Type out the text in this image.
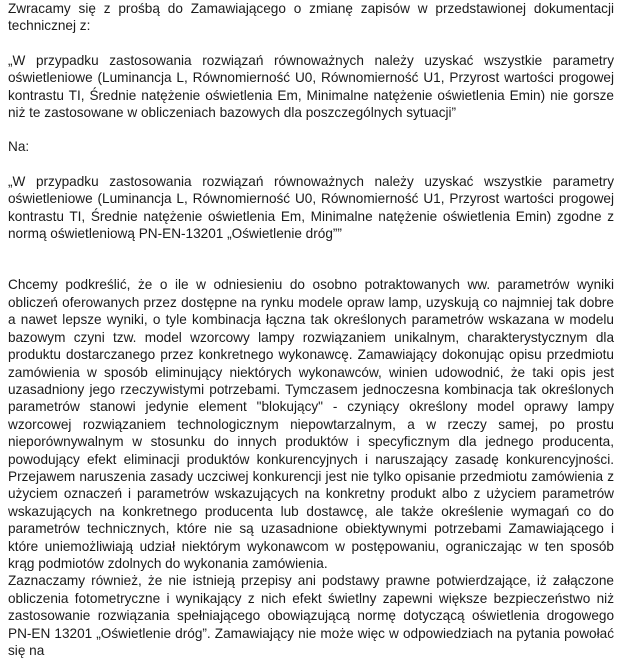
Zwracamy się z prośbą do Zamawiającego o zmianę zapisów w przedstawionej dokumentacji technicznej z:

„W przypadku zastosowania rozwiązań równoważnych należy uzyskać wszystkie parametry oświetleniowe (Luminancja L, Równomierność U0, Równomierność U1, Przyrost wartości progowej kontrastu TI, Średnie natężenie oświetlenia Em, Minimalne natężenie oświetlenia Emin) nie gorsze niż te zastosowane w obliczeniach bazowych dla poszczególnych sytuacji”

Na:

„W przypadku zastosowania rozwiązań równoważnych należy uzyskać wszystkie parametry oświetleniowe (Luminancja L, Równomierność U0, Równomierność U1, Przyrost wartości progowej kontrastu TI, Średnie natężenie oświetlenia Em, Minimalne natężenie oświetlenia Emin) zgodne z normą oświetleniową PN-EN-13201 „Oświetlenie dróg””

Chcemy podkreślić, że o ile w odniesieniu do osobno potraktowanych ww. parametrów wyniki obliczeń oferowanych przez dostępne na rynku modele opraw lamp, uzyskują co najmniej tak dobre a nawet lepsze wyniki, o tyle kombinacja łączna tak określonych parametrów wskazana w modelu bazowym czyni tzw. model wzorcowy lampy rozwiązaniem unikalnym, charakterystycznym dla produktu dostarczanego przez konkretnego wykonawcę. Zamawiający dokonując opisu przedmiotu zamówienia w sposób eliminujący niektórych wykonawców, winien udowodnić, że taki opis jest uzasadniony jego rzeczywistymi potrzebami. Tymczasem jednoczesna kombinacja tak określonych parametrów stanowi jedynie element "blokujący" - czyniący określony model oprawy lampy wzorcowej rozwiązaniem technologicznym niepowtarzalnym, a w rzeczy samej, po prostu nieporównywalnym w stosunku do innych produktów i specyficznym dla jednego producenta, powodujący efekt eliminacji produktów konkurencyjnych i naruszający zasadę konkurencyjności. Przejawem naruszenia zasady uczciwej konkurencji jest nie tylko opisanie przedmiotu zamówienia z użyciem oznaczeń i parametrów wskazujących na konkretny produkt albo z użyciem parametrów wskazujących na konkretnego producenta lub dostawcę, ale także określenie wymagań co do parametrów technicznych, które nie są uzasadnione obiektywnymi potrzebami Zamawiającego i które uniemożliwiają udział niektórym wykonawcom w postępowaniu, ograniczając w ten sposób krąg podmiotów zdolnych do wykonania zamówienia.

Zaznaczamy również, że nie istnieją przepisy ani podstawy prawne potwierdzające, iż załączone obliczenia fotometryczne i wynikający z nich efekt świetlny zapewni większe bezpieczeństwo niż zastosowanie rozwiązania spełniającego obowiązującą normę dotyczącą oświetlenia drogowego PN-EN 13201 „Oświetlenie dróg”. Zamawiający nie może więc w odpowiedziach na pytania powołać się na
